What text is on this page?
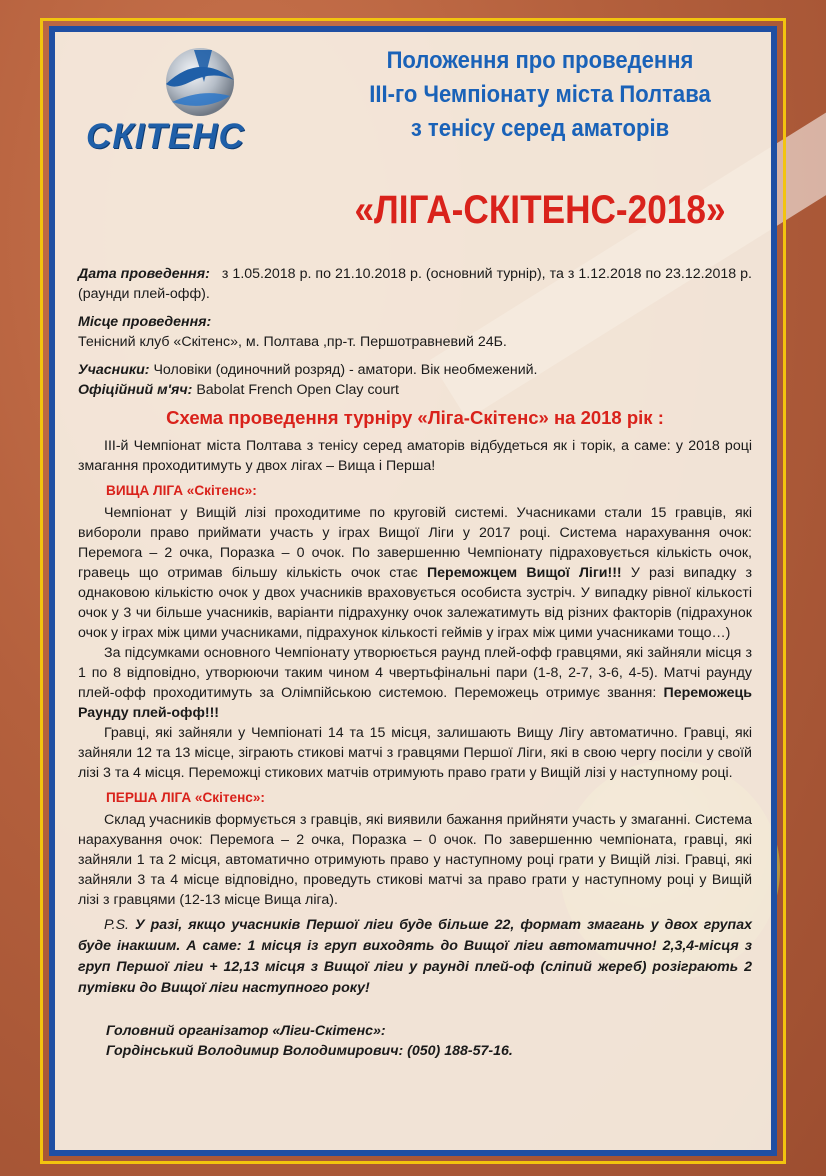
СКІТЕНС
Положення про проведення
ІІІ-го Чемпіонату міста Полтава
з тенісу серед аматорів
«ЛІГА-СКІТЕНС-2018»

Дата проведення: з 1.05.2018 р. по 21.10.2018 р. (основний турнір), та з 1.12.2018 по 23.12.2018 р. (раунди плей-офф).

Місце проведення:

Тенісний клуб «Скітенс», м. Полтава ,пр-т. Першотравневий 24Б.

Учасники: Чоловіки (одиночний розряд) - аматори. Вік необмежений.

Офіційний м'яч: Babolat French Open Clay court

Схема проведення турніру «Ліга-Скітенс» на 2018 рік :

ІІІ-й Чемпіонат міста Полтава з тенісу серед аматорів відбудеться як і торік, а саме: у 2018 році змагання проходитимуть у двох лігах – Вища і Перша!

ВИЩА ЛІГА «Скітенс»:

Чемпіонат у Вищій лізі проходитиме по круговій системі. Учасниками стали 15 гравців, які вибороли право приймати участь у іграх Вищої Ліги у 2017 році. Система нарахування очок: Перемога – 2 очка, Поразка – 0 очок. По завершенню Чемпіонату підраховується кількість очок, гравець що отримав більшу кількість очок стає Переможцем Вищої Ліги!!! У разі випадку з однаковою кількістю очок у двох учасників враховується особиста зустріч. У випадку рівної кількості очок у 3 чи більше учасників, варіанти підрахунку очок залежатимуть від різних факторів (підрахунок очок у іграх між цими учасниками, підрахунок кількості геймів у іграх між цими учасниками тощо…)

За підсумками основного Чемпіонату утворюється раунд плей-офф гравцями, які зайняли місця з 1 по 8 відповідно, утворюючи таким чином 4 чвертьфінальні пари (1-8, 2-7, 3-6, 4-5). Матчі раунду плей-офф проходитимуть за Олімпійською системою. Переможець отримує звання: Переможець Раунду плей-офф!!!

Гравці, які зайняли у Чемпіонаті 14 та 15 місця, залишають Вищу Лігу автоматично. Гравці, які зайняли 12 та 13 місце, зіграють стикові матчі з гравцями Першої Ліги, які в свою чергу посіли у своїй лізі 3 та 4 місця. Переможці стикових матчів отримують право грати у Вищій лізі у наступному році.

ПЕРША ЛІГА «Скітенс»:

Склад учасників формується з гравців, які виявили бажання прийняти участь у змаганні. Система нарахування очок: Перемога – 2 очка, Поразка – 0 очок. По завершенню чемпіоната, гравці, які зайняли 1 та 2 місця, автоматично отримують право у наступному році грати у Вищій лізі. Гравці, які зайняли 3 та 4 місце відповідно, проведуть стикові матчі за право грати у наступному році у Вищій лізі з гравцями (12-13 місце Вища ліга).

P.S. У разі, якщо учасників Першої ліги буде більше 22, формат змагань у двох групах буде інакшим. А саме: 1 місця із груп виходять до Вищої ліги автоматично! 2,3,4-місця з груп Першої ліги + 12,13 місця з Вищої ліги у рaунді плей-оф (сліпий жереб) розіграють 2 путівки до Вищої ліги наступного року!

Головний організатор «Ліги-Скітенс»:
Гордінський Володимир Володимирович: (050) 188-57-16.
